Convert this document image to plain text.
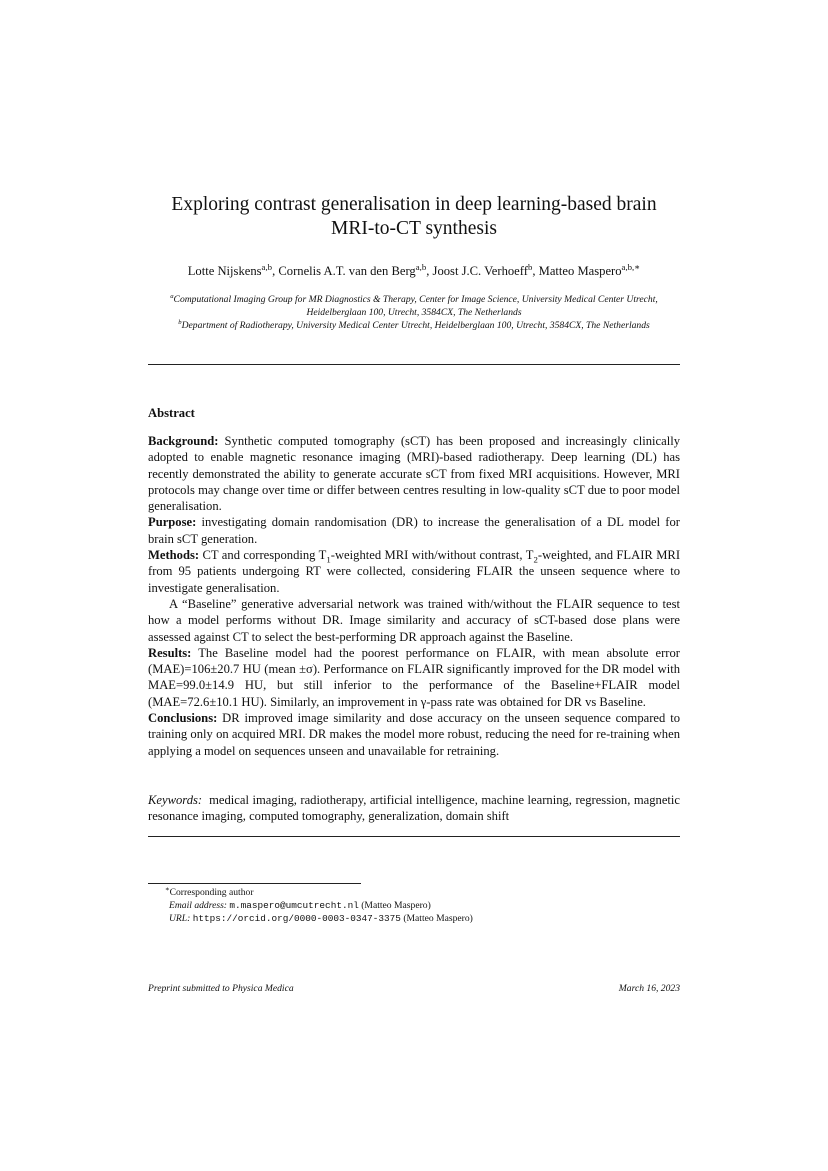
Exploring contrast generalisation in deep learning-based brain
MRI-to-CT synthesis
Lotte Nijskens$^{a,b}$, Cornelis A.T. van den Berg$^{a,b}$, Joost J.C. Verhoeff$^b$, Matteo Maspero$^{a,b,∗}$

$^a$Computational Imaging Group for MR Diagnostics & Therapy, Center for Image Science, University Medical Center Utrecht, Heidelberglaan 100, Utrecht, 3584CX, The Netherlands

$^b$Department of Radiotherapy, University Medical Center Utrecht, Heidelberglaan 100, Utrecht, 3584CX, The Netherlands

Abstract

Background: Synthetic computed tomography (sCT) has been proposed and increasingly clinically adopted to enable magnetic resonance imaging (MRI)-based radiotherapy. Deep learning (DL) has recently demonstrated the ability to generate accurate sCT from fixed MRI acquisitions. However, MRI protocols may change over time or differ between centres resulting in low-quality sCT due to poor model generalisation.

Purpose: investigating domain randomisation (DR) to increase the generalisation of a DL model for brain sCT generation.

Methods: CT and corresponding $T_1$-weighted MRI with/without contrast, $T_2$-weighted, and FLAIR MRI from 95 patients undergoing RT were collected, considering FLAIR the unseen sequence where to investigate generalisation.

A “Baseline” generative adversarial network was trained with/without the FLAIR sequence to test how a model performs without DR. Image similarity and accuracy of sCT-based dose plans were assessed against CT to select the best-performing DR approach against the Baseline.

Results: The Baseline model had the poorest performance on FLAIR, with mean absolute error (MAE)=106±20.7 HU (mean ±σ). Performance on FLAIR significantly improved for the DR model with MAE=99.0±14.9 HU, but still inferior to the performance of the Baseline+FLAIR model (MAE=72.6±10.1 HU). Similarly, an improvement in γ-pass rate was obtained for DR vs Baseline.

Conclusions: DR improved image similarity and dose accuracy on the unseen sequence compared to training only on acquired MRI. DR makes the model more robust, reducing the need for re-training when applying a model on sequences unseen and unavailable for retraining.

Keywords: medical imaging, radiotherapy, artificial intelligence, machine learning, regression, magnetic resonance imaging, computed tomography, generalization, domain shift

∗Corresponding author

Email address: m.maspero@umcutrecht.nl (Matteo Maspero)

URL: https://orcid.org/0000-0003-0347-3375 (Matteo Maspero)

Preprint submitted to Physica Medica	March 16, 2023
